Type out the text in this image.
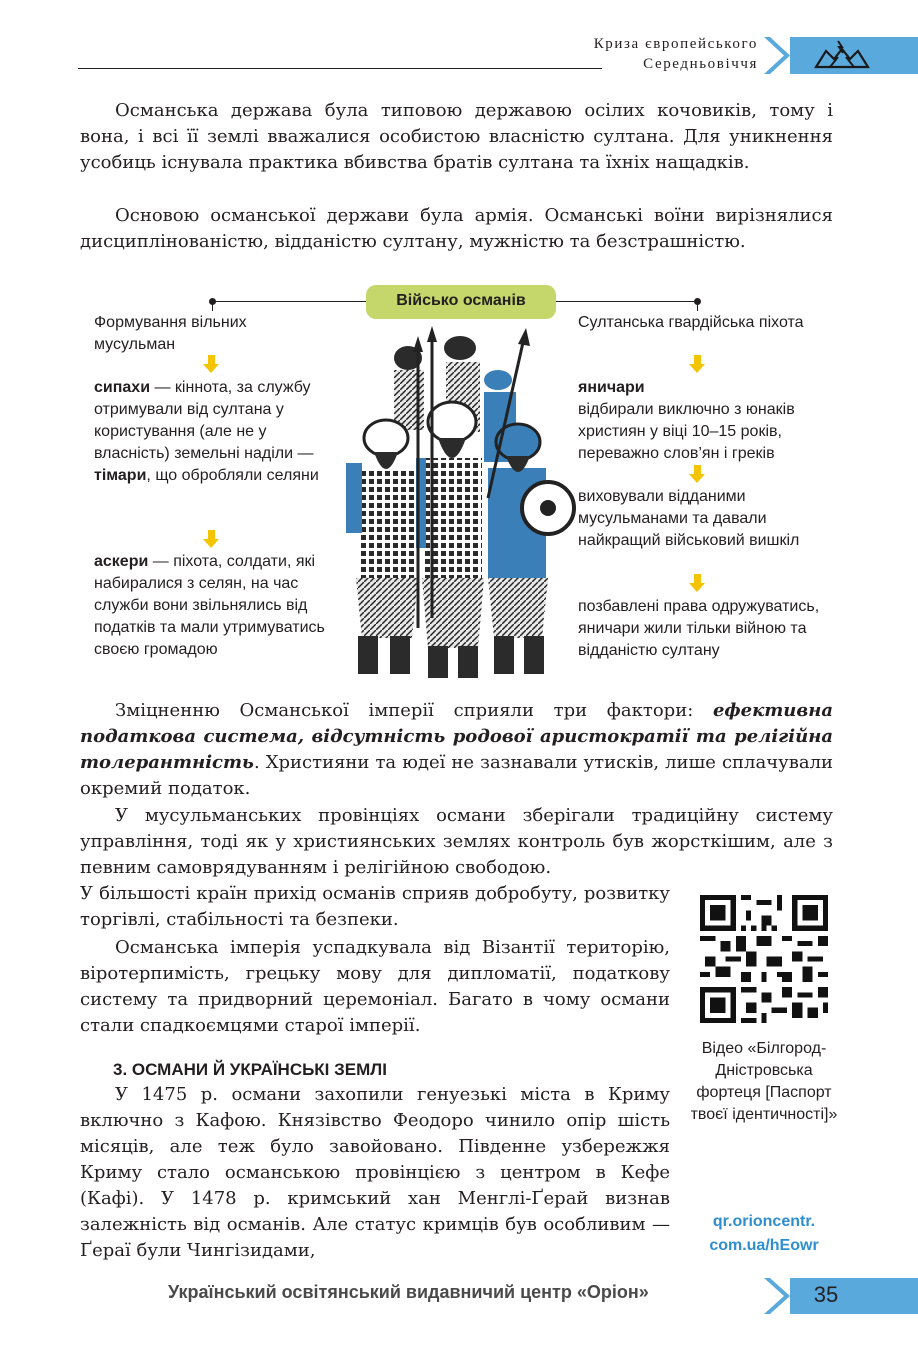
Криза європейського
Середньовіччя

Османська держава була типовою державою осілих кочовиків, тому і вона, і всі її землі вважалися особистою власністю султана. Для уникнення усобиць існувала практика вбивства братів султана та їхніх нащадків.

Основою османської держави була армія. Османські воїни вирізнялися дисциплінованістю, відданістю султану, мужністю та безстрашністю.

Військо османів
Формування вільних мусульман
сипахи — кіннота, за службу отримували від султана у користування (але не у власність) земельні наділи — тімари, що обробляли селяни
аскери — піхота, солдати, які набиралися з селян, на час служби вони звільнялись від податків та мали утримуватись своєю громадою
Султанська гвардійська піхота
яничари
відбирали виключно з юнаків християн у віці 10–15 років, переважно слов’ян і греків
виховували відданими мусульманами та давали найкращий військовий вишкіл
позбавлені права одружуватись, яничари жили тільки війною та відданістю султану

Зміцненню Османської імперії сприяли три фактори: ефективна податкова система, відсутність родової аристократії та релігійна толерантність. Християни та юдеї не зазнавали утисків, лише сплачували окремий податок.

У мусульманських провінціях османи зберігали традиційну систему управління, тоді як у християнських землях контроль був жорсткішим, але з певним самоврядуванням і релігійною свободою.

У більшості країн прихід османів сприяв добробуту, розвитку торгівлі, стабільності та безпеки.

Османська імперія успадкувала від Візантії територію, віротерпимість, грецьку мову для дипломатії, податкову систему та придворний церемоніал. Багато в чому османи стали спадкоємцями старої імперії.

3. ОСМАНИ Й УКРАЇНСЬКІ ЗЕМЛІ

У 1475 р. османи захопили генуезькі міста в Криму включно з Кафою. Князівство Феодоро чинило опір шість місяців, але теж було завойовано. Південне узбережжя Криму стало османською провінцією з центром в Кефе (Кафі). У 1478 р. кримський хан Менглі-Ґерай визнав залежність від османів. Але статус кримців був особливим — Ґераї були Чингізидами,

Відео «Білгород-Дністровська фортеця [Паспорт твоєї ідентичності]»
qr.orioncentr.
com.ua/hEowr
Український освітянський видавничий центр «Оріон»	35
